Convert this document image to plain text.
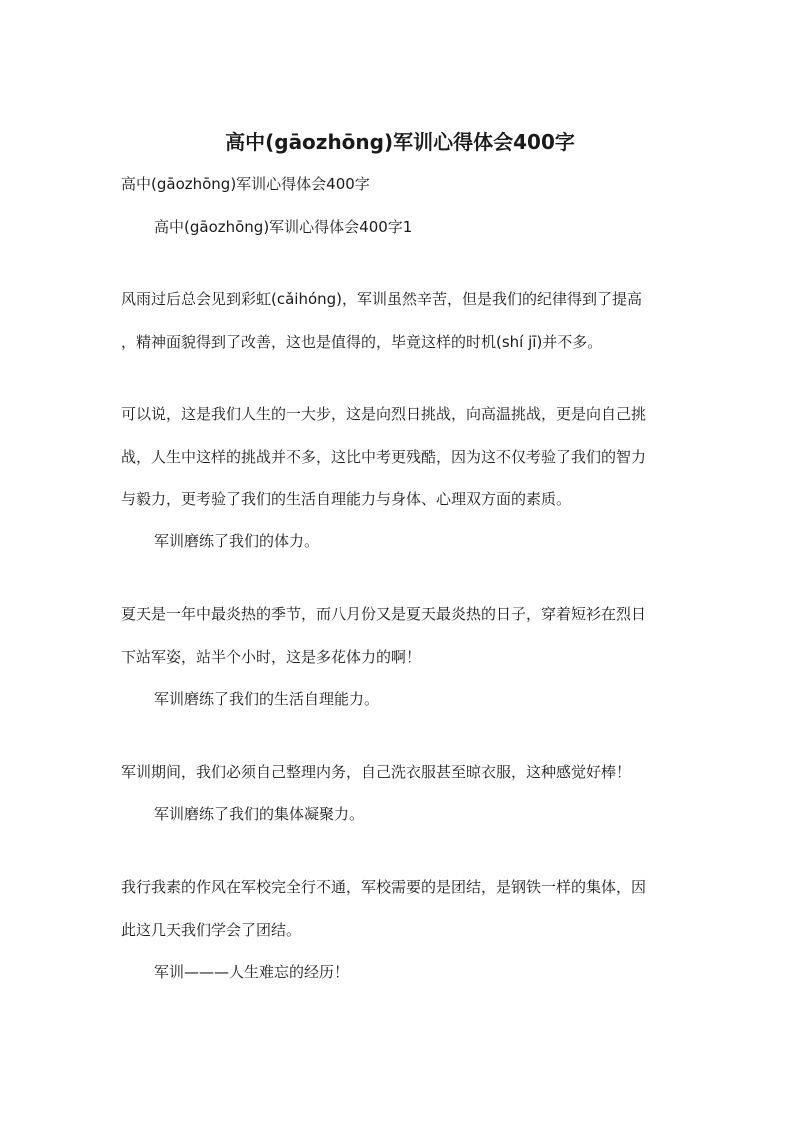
高中(gāozhōng)军训心得体会400字

高中(gāozhōng)军训心得体会400字

高中(gāozhōng)军训心得体会400字1

风雨过后总会见到彩虹(cǎihóng)，军训虽然辛苦，但是我们的纪律得到了提高

，精神面貌得到了改善，这也是值得的，毕竟这样的时机(shí jī)并不多。

可以说，这是我们人生的一大步，这是向烈日挑战，向高温挑战，更是向自己挑

战，人生中这样的挑战并不多，这比中考更残酷，因为这不仅考验了我们的智力

与毅力，更考验了我们的生活自理能力与身体、心理双方面的素质。

军训磨练了我们的体力。

夏天是一年中最炎热的季节，而八月份又是夏天最炎热的日子，穿着短衫在烈日

下站军姿，站半个小时，这是多花体力的啊！

军训磨练了我们的生活自理能力。

军训期间，我们必须自己整理内务，自己洗衣服甚至晾衣服，这种感觉好棒！

军训磨练了我们的集体凝聚力。

我行我素的作风在军校完全行不通，军校需要的是团结，是钢铁一样的集体，因

此这几天我们学会了团结。

军训———人生难忘的经历！
